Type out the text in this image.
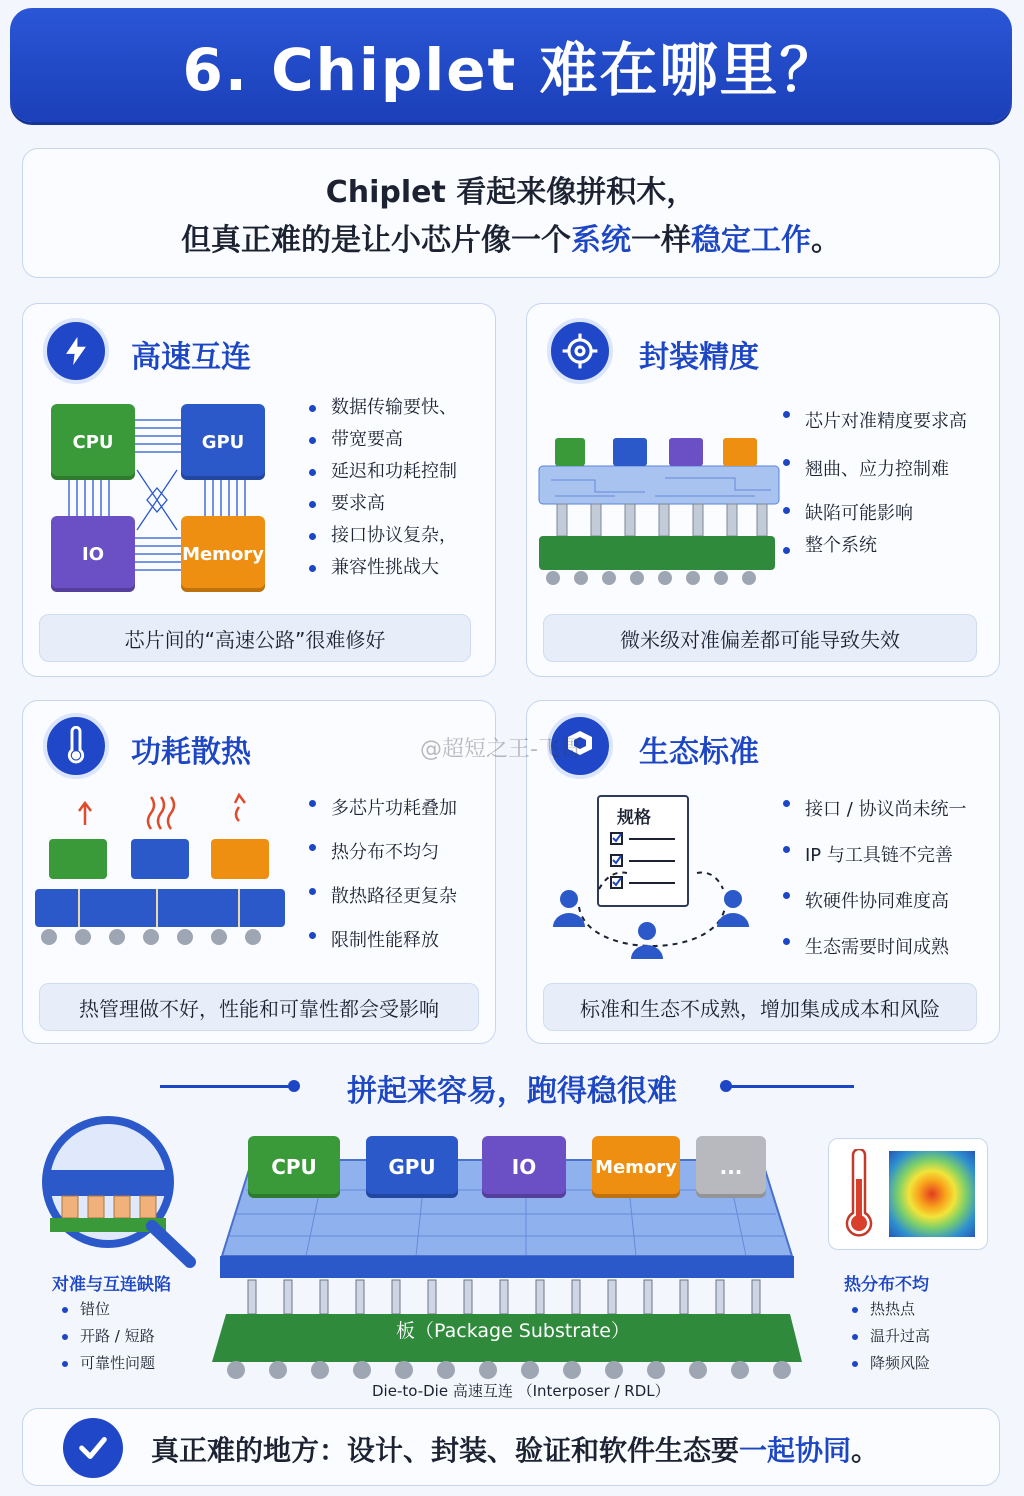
6. Chiplet 难在哪里？
Chiplet 看起来像拼积木，
但真正难的是让小芯片像一个系统一样稳定工作。
高速互连
CPU	GPU
IO	Memory
数据传输要快、
带宽要高
延迟和功耗控制
要求高
接口协议复杂，
兼容性挑战大
芯片间的“高速公路”很难修好
封装精度
芯片对准精度要求高
翘曲、应力控制难
缺陷可能影响
整个系统
微米级对准偏差都可能导致失效
功耗散热
多芯片功耗叠加
热分布不均匀
散热路径更复杂
限制性能释放
热管理做不好，性能和可靠性都会受影响
生态标准
规格	接口 / 协议尚未统一
IP 与工具链不完善
软硬件协同难度高
生态需要时间成熟
标准和生态不成熟，增加集成成本和风险
@超短之王-飞哥
拼起来容易，跑得稳很难
对准与互连缺陷
错位
开路 / 短路
可靠性问题
CPU	GPU	IO	Memory	...
板（Package Substrate）
Die-to-Die 高速互连 （Interposer / RDL）
热分布不均
热热点
温升过高
降频风险
真正难的地方：设计、封装、验证和软件生态要一起协同。
